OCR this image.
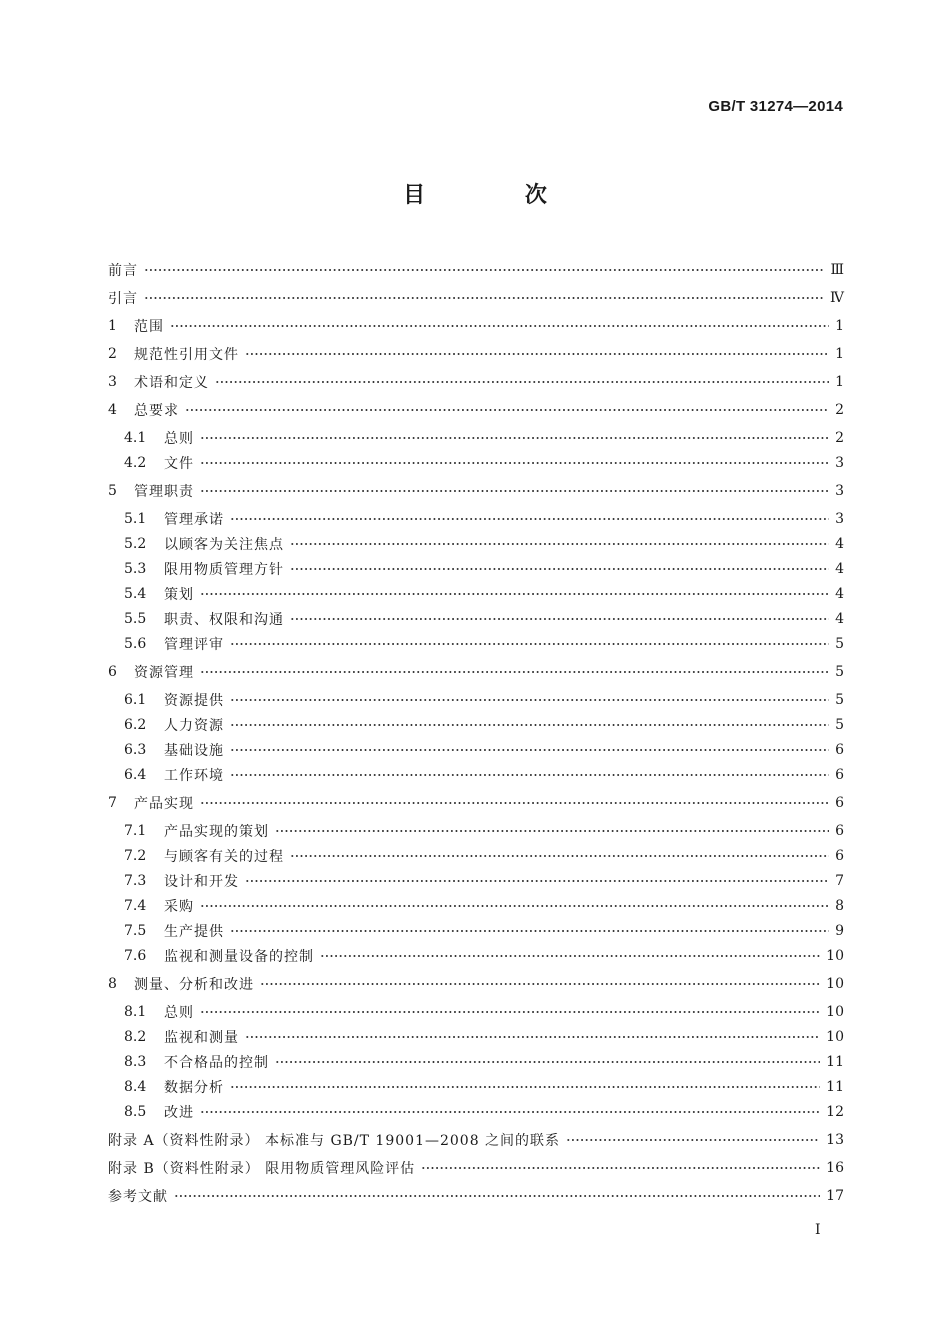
GB/T 31274—2014
目 次
前言	Ⅲ
引言	Ⅳ
1	范围	1
2	规范性引用文件	1
3	术语和定义	1
4	总要求	2
4.1	总则	2
4.2	文件	3
5	管理职责	3
5.1	管理承诺	3
5.2	以顾客为关注焦点	4
5.3	限用物质管理方针	4
5.4	策划	4
5.5	职责、权限和沟通	4
5.6	管理评审	5
6	资源管理	5
6.1	资源提供	5
6.2	人力资源	5
6.3	基础设施	6
6.4	工作环境	6
7	产品实现	6
7.1	产品实现的策划	6
7.2	与顾客有关的过程	6
7.3	设计和开发	7
7.4	采购	8
7.5	生产提供	9
7.6	监视和测量设备的控制	10
8	测量、分析和改进	10
8.1	总则	10
8.2	监视和测量	10
8.3	不合格品的控制	11
8.4	数据分析	11
8.5	改进	12
附录 A（资料性附录） 本标准与 GB/T 19001—2008 之间的联系	13
附录 B（资料性附录） 限用物质管理风险评估	16
参考文献	17
I
